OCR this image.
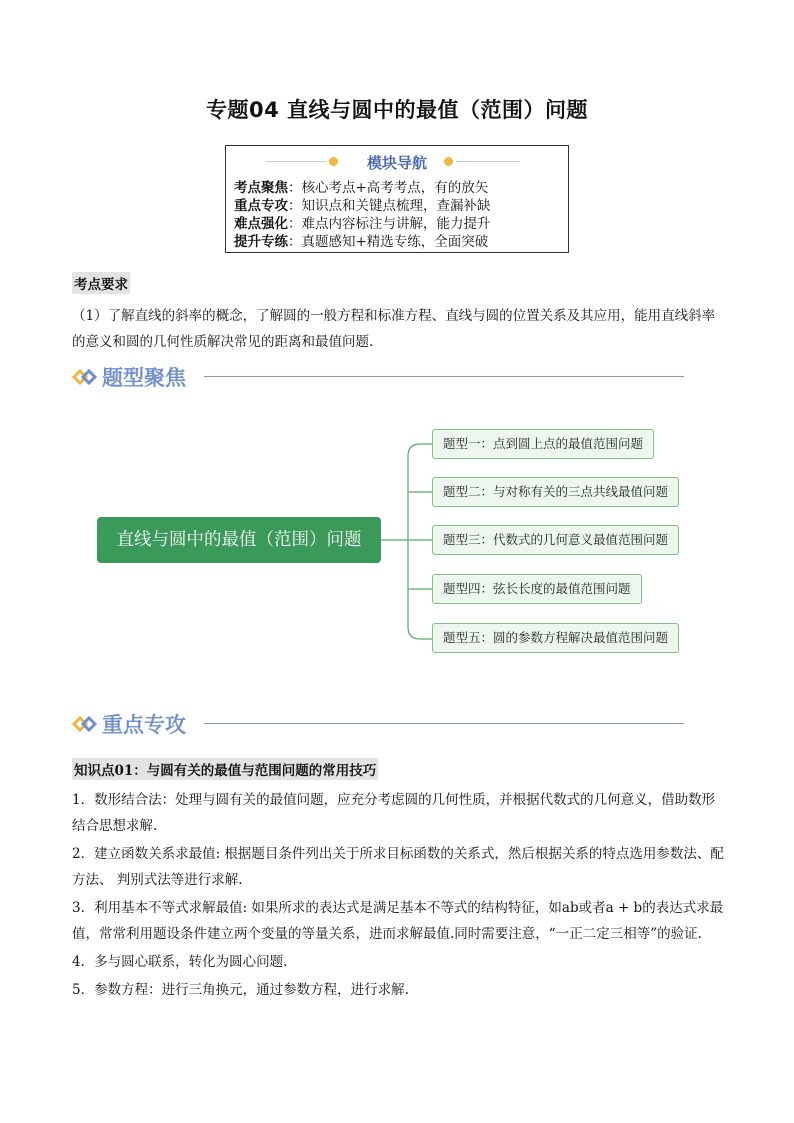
专题04 直线与圆中的最值（范围）问题
模块导航
考点聚焦：核心考点+高考考点，有的放矢
重点专攻：知识点和关键点梳理，查漏补缺
难点强化：难点内容标注与讲解，能力提升
提升专练：真题感知+精选专练，全面突破
考点要求
（1）了解直线的斜率的概念，了解圆的一般方程和标准方程、直线与圆的位置关系及其应用，能用直线斜率的意义和圆的几何性质解决常见的距离和最值问题.
题型聚焦
直线与圆中的最值（范围）问题
题型一：点到圆上点的最值范围问题
题型二：与对称有关的三点共线最值问题
题型三：代数式的几何意义最值范围问题
题型四：弦长长度的最值范围问题
题型五：圆的参数方程解决最值范围问题
重点专攻
知识点01：与圆有关的最值与范围问题的常用技巧

1．数形结合法：处理与圆有关的最值问题，应充分考虑圆的几何性质，并根据代数式的几何意义，借助数形结合思想求解.

2．建立函数关系求最值: 根据题目条件列出关于所求目标函数的关系式，然后根据关系的特点选用参数法、配方法、 判别式法等进行求解.

3．利用基本不等式求解最值: 如果所求的表达式是满足基本不等式的结构特征，如ab或者a + b的表达式求最值，常常利用题设条件建立两个变量的等量关系，进而求解最值.同时需要注意，“一正二定三相等”的验证.

4．多与圆心联系，转化为圆心问题.

5．参数方程：进行三角换元，通过参数方程，进行求解.
